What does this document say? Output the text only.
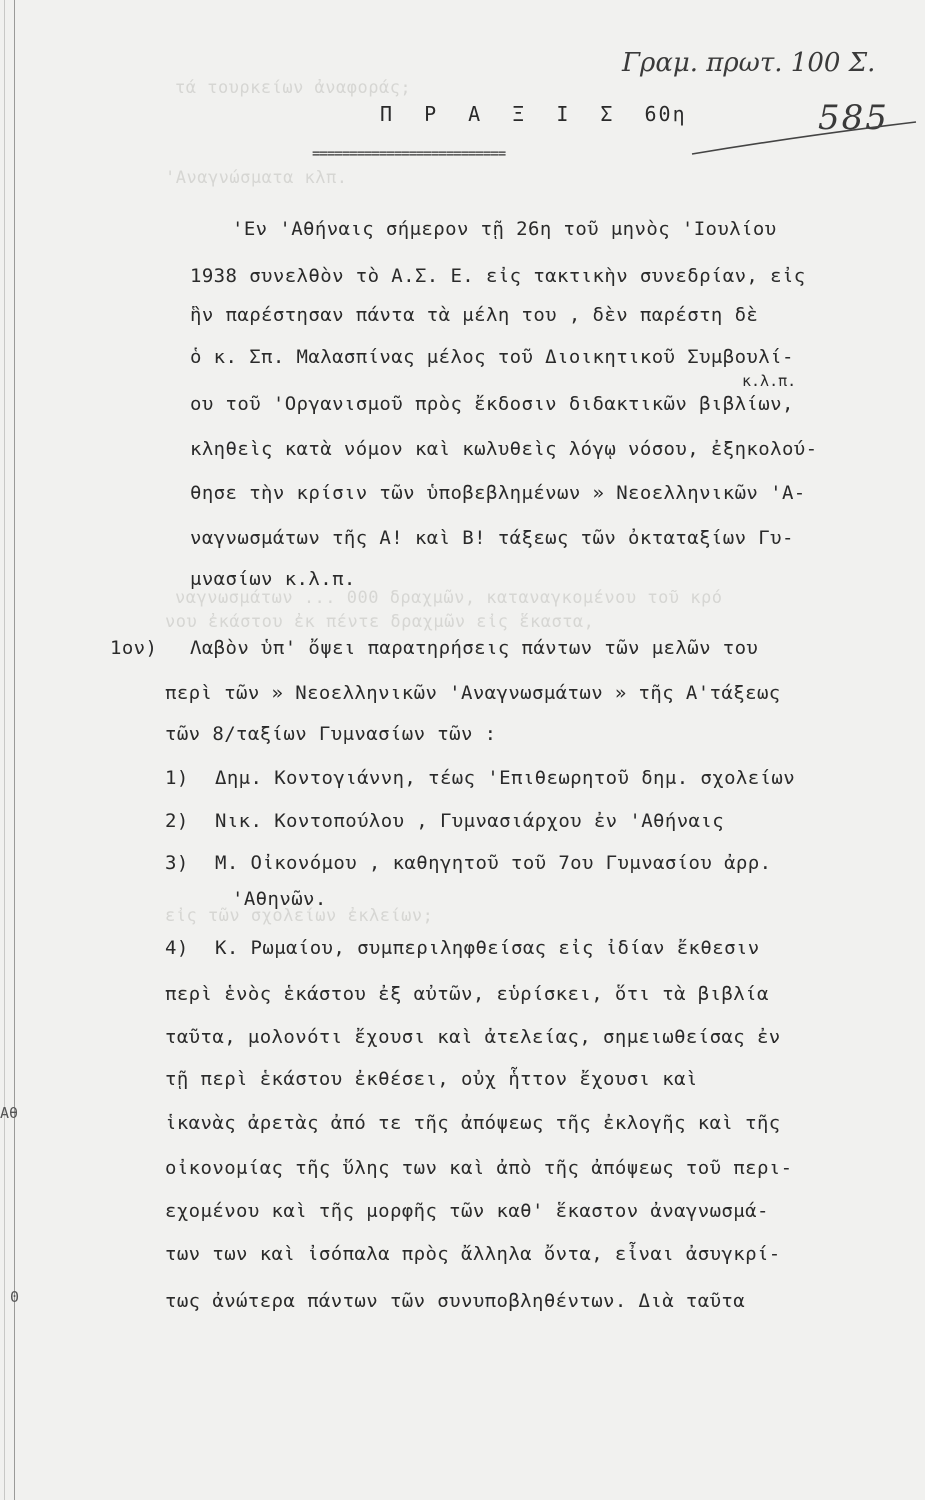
τά τουρκείων ἀναφοράς;
'Αναγνώσματα κλπ.
ναγνωσμάτων ... 000 δραχμῶν, καταναγκομένου τοῦ κρό
νου ἐκάστου ἐκ πέντε δραχμῶν εἰς ἕκαστα,
εἰς τῶν σχολείων ἐκλείων;
Γραμ. πρωτ. 100 Σ.
585
Π Ρ Α Ξ Ι Σ 60η
==========================
'Εν 'Αθήναις σήμερον τῇ 26η τοῦ μηνὸς 'Ιουλίου
1938 συνελθὸν τὸ Α.Σ. Ε. εἰς τακτικὴν συνεδρίαν, εἰς
ἣν παρέστησαν πάντα τὰ μέλη του , δὲν παρέστη δὲ
ὁ κ. Σπ. Μαλασπίνας μέλος τοῦ Διοικητικοῦ Συμβουλί-
κ.λ.π.
ου τοῦ 'Οργανισμοῦ πρὸς ἔκδοσιν διδακτικῶν βιβλίων,
κληθεὶς κατὰ νόμον καὶ κωλυθεὶς λόγῳ νόσου, ἐξηκολού-
θησε τὴν κρίσιν τῶν ὑποβεβλημένων » Νεοελληνικῶν 'Α-
ναγνωσμάτων τῆς Α! καὶ Β! τάξεως τῶν ὀκταταξίων Γυ-
μνασίων κ.λ.π.
1ον) Λαβὸν ὑπ' ὄψει παρατηρήσεις πάντων τῶν μελῶν του
περὶ τῶν » Νεοελληνικῶν 'Αναγνωσμάτων » τῆς Α'τάξεως
τῶν 8/ταξίων Γυμνασίων τῶν :
1) Δημ. Κοντογιάννη, τέως 'Επιθεωρητοῦ δημ. σχολείων
2) Νικ. Κοντοπούλου , Γυμνασιάρχου ἐν 'Αθήναις
3) Μ. Οἰκονόμου , καθηγητοῦ τοῦ 7ου Γυμνασίου ἀρρ.
'Αθηνῶν.
4) Κ. Ρωμαίου, συμπεριληφθείσας εἰς ἰδίαν ἔκθεσιν
περὶ ἑνὸς ἑκάστου ἐξ αὐτῶν, εὑρίσκει, ὅτι τὰ βιβλία
ταῦτα, μολονότι ἔχουσι καὶ ἀτελείας, σημειωθείσας ἐν
τῇ περὶ ἑκάστου ἐκθέσει, οὐχ ἧττον ἔχουσι καὶ
ἱκανὰς ἀρετὰς ἀπό τε τῆς ἀπόψεως τῆς ἐκλογῆς καὶ τῆς
οἰκονομίας τῆς ὕλης των καὶ ἀπὸ τῆς ἀπόψεως τοῦ περι-
εχομένου καὶ τῆς μορφῆς τῶν καθ' ἕκαστον ἀναγνωσμά-
των των καὶ ἰσόπαλα πρὸς ἄλληλα ὄντα, εἶναι ἀσυγκρί-
τως ἀνώτερα πάντων τῶν συνυποβληθέντων. Διὰ ταῦτα
Αθ
0
